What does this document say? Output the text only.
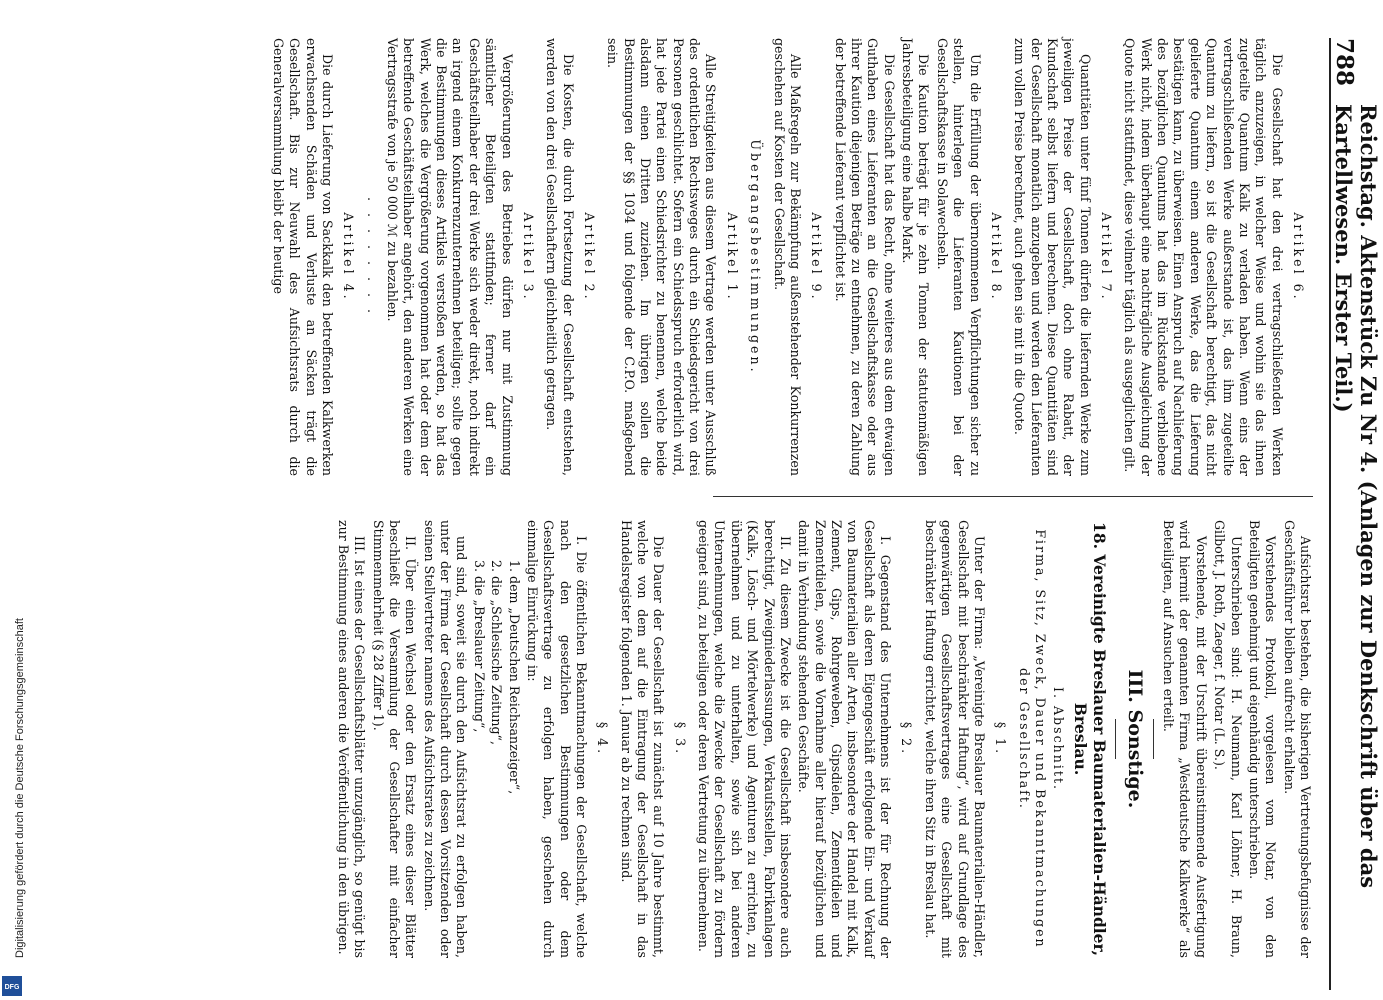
788
Reichstag. Aktenstück Zu Nr 4. (Anlagen zur Denkschrift über das Kartellwesen. Erster Teil.)
Artikel 6.

Die Gesellschaft hat den drei vertragschließenden Werken täglich anzuzeigen, in welcher Weise und wohin sie das ihnen zugeteilte Quantum Kalk zu verladen haben. Wenn eins der vertragschließenden Werke außerstande ist, das ihm zugeteilte Quantum zu liefern, so ist die Gesellschaft berechtigt, das nicht gelieferte Quantum einem anderen Werke, das die Lieferung bestätigen kann, zu überweisen. Einen Anspruch auf Nachlieferung des bezüglichen Quantums hat das im Rückstande verbliebene Werk nicht, indem überhaupt eine nachträgliche Ausgleichung der Quote nicht stattfindet, diese vielmehr täglich als ausgeglichen gilt.

Artikel 7.

Quantitäten unter fünf Tonnen dürfen die liefernden Werke zum jeweiligen Preise der Gesellschaft, doch ohne Rabatt, der Kundschaft selbst liefern und berechnen. Diese Quantitäten sind der Gesellschaft monatlich anzugeben und werden den Lieferanten zum vollen Preise berechnet, auch gehen sie mit in die Quote.

Artikel 8.

Um die Erfüllung der übernommenen Verpflichtungen sicher zu stellen, hinterlegen die Lieferanten Kautionen bei der Gesellschaftskasse in Solawechseln.

Die Kaution beträgt für je zehn Tonnen der statutenmäßigen Jahresbeteiligung eine halbe Mark.

Die Gesellschaft hat das Recht, ohne weiteres aus dem etwaigen Guthaben eines Lieferanten an die Gesellschaftskasse oder aus ihrer Kaution diejenigen Beträge zu entnehmen, zu deren Zahlung der betreffende Lieferant verpflichtet ist.

Artikel 9.

Alle Maßregeln zur Bekämpfung außenstehender Konkurrenzen geschehen auf Kosten der Gesellschaft.

Übergangsbestimmungen.
Artikel 1.

Alle Streitigkeiten aus diesem Vertrage werden unter Ausschluß des ordentlichen Rechtsweges durch ein Schiedsgericht von drei Personen geschlichtet. Sofern ein Schiedsspruch erforderlich wird, hat jede Partei einen Schiedsrichter zu benennen, welche beide alsdann einen Dritten zuziehen. Im übrigen sollen die Bestimmungen der §§ 1034 und folgende der C.P.O. maßgebend sein.

Artikel 2.

Die Kosten, die durch Fortsetzung der Gesellschaft entstehen, werden von den drei Gesellschaftern gleichheitlich getragen.

Artikel 3.

Vergrößerungen des Betriebes dürfen nur mit Zustimmung sämtlicher Beteiligten stattfinden; ferner darf ein Geschäftsteilhaber der drei Werke sich weder direkt, noch indirekt an irgend einem Konkurrenzunternehmen beteiligen; sollte gegen die Bestimmungen dieses Artikels verstoßen werden, so hat das Werk, welches die Vergrößerung vorgenommen hat oder dem der betreffende Geschäftsteilhaber angehört, den anderen Werken eine Vertragsstrafe von je 50 000 ℳ zu bezahlen.

. . . . . . . .
Artikel 4.

Die durch Lieferung von Sackkalk den betreffenden Kalkwerken erwachsenden Schäden und Verluste an Säcken trägt die Gesellschaft. Bis zur Neuwahl des Aufsichtsrats durch die Generalversammlung bleibt der heutige

Aufsichtsrat bestehen, die bisherigen Vertretungsbefugnisse der Geschäftsführer bleiben aufrecht erhalten.

Vorstehendes Protokoll, vorgelesen vom Notar, von den Beteiligten genehmigt und eigenhändig unterschrieben.

Unterschrieben sind: H. Neumann, Karl Löhner, H. Braun, Gilbott, J. Roth, Zaeger, f. Notar (L. S.).

Vorstehende, mit der Urschrift übereinstimmende Ausfertigung wird hiermit der genannten Firma „Westdeutsche Kalkwerke“ als Beteiligten, auf Ansuchen erteilt.

III. Sonstige.
18. Vereinigte Breslauer Baumaterialien-Händler, Breslau.
I. Abschnitt.
Firma, Sitz, Zweck, Dauer und Bekanntmachungen der Gesellschaft.
§ 1.

Unter der Firma: „Vereinigte Breslauer Baumaterialien-Händler, Gesellschaft mit beschränkter Haftung“, wird auf Grundlage des gegenwärtigen Gesellschaftsvertrages eine Gesellschaft mit beschränkter Haftung errichtet, welche ihren Sitz in Breslau hat.

§ 2.

I. Gegenstand des Unternehmens ist der für Rechnung der Gesellschaft als deren Eigengeschäft erfolgende Ein- und Verkauf von Baumaterialien aller Arten, insbesondere der Handel mit Kalk, Zement, Gips, Rohrgeweben, Gipsdielen, Zementdielen und Zementdielen, sowie die Vornahme aller hierauf bezüglichen und damit in Verbindung stehenden Geschäfte.

II. Zu diesem Zwecke ist die Gesellschaft insbesondere auch berechtigt, Zweigniederlassungen, Verkaufsstellen, Fabrikanlagen (Kalk-, Lösch- und Mörtelwerke) und Agenturen zu errichten, zu übernehmen und zu unterhalten, sowie sich bei anderen Unternehmungen, welche die Zwecke der Gesellschaft zu fördern geeignet sind, zu beteiligen oder deren Vertretung zu übernehmen.

§ 3.

Die Dauer der Gesellschaft ist zunächst auf 10 Jahre bestimmt, welche von dem auf die Eintragung der Gesellschaft in das Handelsregister folgenden 1. Januar ab zu rechnen sind.

§ 4.

I. Die öffentlichen Bekanntmachungen der Gesellschaft, welche nach den gesetzlichen Bestimmungen oder dem Gesellschaftsvertrage zu erfolgen haben, geschehen durch einmalige Einrückung in:

1. dem „Deutschen Reichsanzeiger“,
2. die „Schlesische Zeitung“,
3. die „Breslauer Zeitung“,

und sind, soweit sie durch den Aufsichtsrat zu erfolgen haben, unter der Firma der Gesellschaft durch dessen Vorsitzenden oder seinen Stellvertreter namens des Aufsichtsrates zu zeichnen.

II. Über einen Wechsel oder den Ersatz eines dieser Blätter beschließt die Versammlung der Gesellschafter mit einfacher Stimmenmehrheit (§ 28 Ziffer 1).

III. Ist eines der Gesellschaftsblätter unzugänglich, so genügt bis zur Bestimmung eines anderen die Veröffentlichung in den übrigen.

Digitalisierung gefördert durch die Deutsche Forschungsgemeinschaft
DFG
